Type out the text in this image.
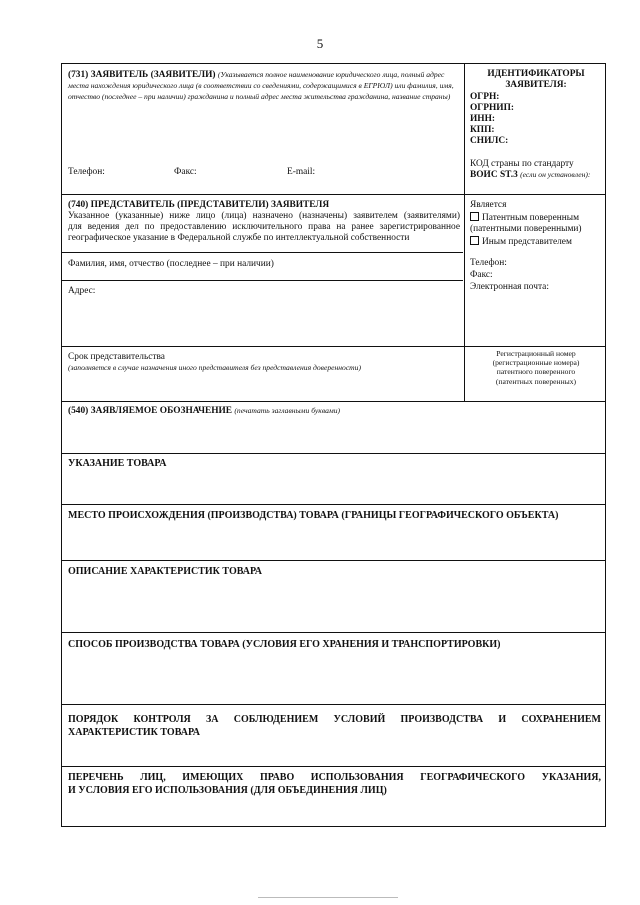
5
(731) ЗАЯВИТЕЛЬ (ЗАЯВИТЕЛИ) (Указывается полное наименование юридического лица, полный адрес места нахождения юридического лица (в соответствии со сведениями, содержащимися в ЕГРЮЛ) или фамилия, имя, отчество (последнее – при наличии) гражданина и полный адрес места жительства гражданина, название страны)
Телефон:	Факс:	E-mail:
ИДЕНТИФИКАТОРЫ
ЗАЯВИТЕЛЯ:
ОГРН:
ОГРНИП:
ИНН:
КПП:
СНИЛС:
КОД страны по стандарту
ВОИС ST.3 (если он установлен):
(740) ПРЕДСТАВИТЕЛЬ (ПРЕДСТАВИТЕЛИ) ЗАЯВИТЕЛЯ
Указанное (указанные) ниже лицо (лица) назначено (назначены) заявителем (заявителями)
для ведения дел по предоставлению исключительного права на ранее зарегистрированное
географическое указание в Федеральной службе по интеллектуальной собственности
Является
Патентным поверенным
(патентными поверенными)
Иным представителем
Фамилия, имя, отчество (последнее – при наличии)	Телефон:
Факс:
Электронная почта:
Адрес:
Срок представительства
(заполняется в случае назначения иного представителя без представления доверенности)
Регистрационный номер
(регистрационные номера)
патентного поверенного
(патентных поверенных)
(540) ЗАЯВЛЯЕМОЕ ОБОЗНАЧЕНИЕ (печатать заглавными буквами)
УКАЗАНИЕ ТОВАРА
МЕСТО ПРОИСХОЖДЕНИЯ (ПРОИЗВОДСТВА) ТОВАРА (ГРАНИЦЫ ГЕОГРАФИЧЕСКОГО ОБЪЕКТА)
ОПИСАНИЕ ХАРАКТЕРИСТИК ТОВАРА
СПОСОБ ПРОИЗВОДСТВА ТОВАРА (УСЛОВИЯ ЕГО ХРАНЕНИЯ И ТРАНСПОРТИРОВКИ)
ПОРЯДОК КОНТРОЛЯ ЗА СОБЛЮДЕНИЕМ УСЛОВИЙ ПРОИЗВОДСТВА И СОХРАНЕНИЕМ
ХАРАКТЕРИСТИК ТОВАРА
ПЕРЕЧЕНЬ ЛИЦ, ИМЕЮЩИХ ПРАВО ИСПОЛЬЗОВАНИЯ ГЕОГРАФИЧЕСКОГО УКАЗАНИЯ,
И УСЛОВИЯ ЕГО ИСПОЛЬЗОВАНИЯ (ДЛЯ ОБЪЕДИНЕНИЯ ЛИЦ)
